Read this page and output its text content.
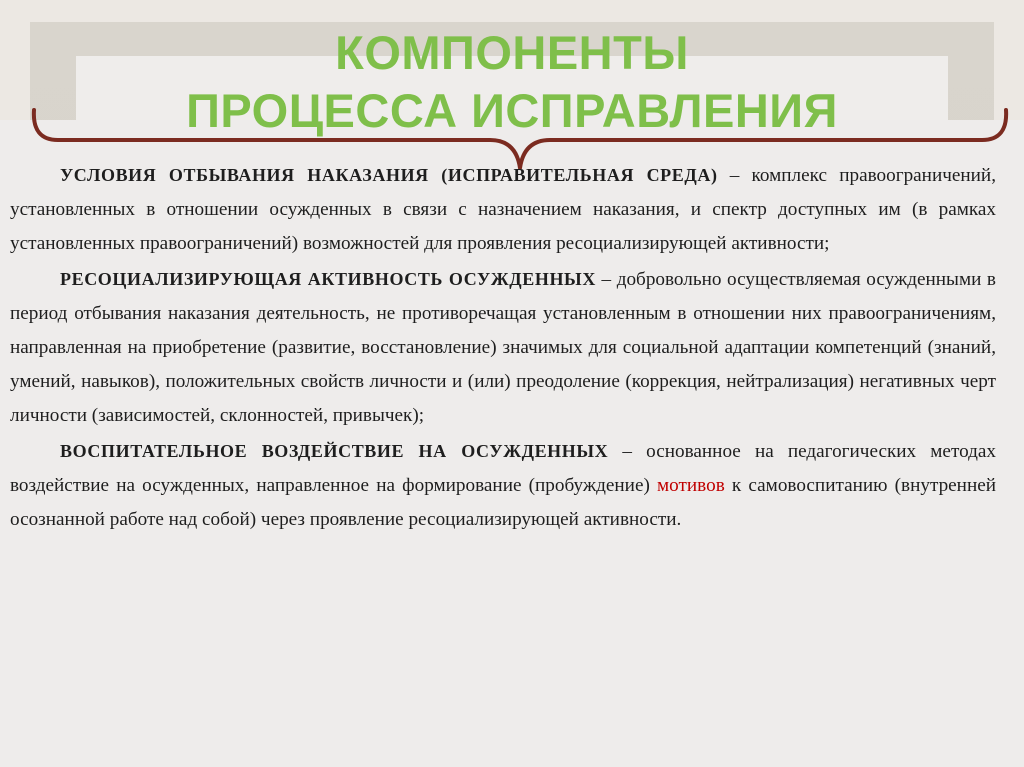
КОМПОНЕНТЫ
ПРОЦЕССА ИСПРАВЛЕНИЯ

УСЛОВИЯ ОТБЫВАНИЯ НАКАЗАНИЯ (ИСПРАВИТЕЛЬНАЯ СРЕДА) – комплекс правоограничений, установленных в отношении осужденных в связи с назначением наказания, и спектр доступных им (в рамках установленных правоограничений) возможностей для проявления ресоциализирующей активности;

РЕСОЦИАЛИЗИРУЮЩАЯ АКТИВНОСТЬ ОСУЖДЕННЫХ – добровольно осуществляемая осужденными в период отбывания наказания деятельность, не противоречащая установленным в отношении них правоограничениям, направленная на приобретение (развитие, восстановление) значимых для социальной адаптации компетенций (знаний, умений, навыков), положительных свойств личности и (или) преодоление (коррекция, нейтрализация) негативных черт личности (зависимостей, склонностей, привычек);

ВОСПИТАТЕЛЬНОЕ ВОЗДЕЙСТВИЕ НА ОСУЖДЕННЫХ – основанное на педагогических методах воздействие на осужденных, направленное на формирование (пробуждение) мотивов к самовоспитанию (внутренней осознанной работе над собой) через проявление ресоциализирующей активности.
